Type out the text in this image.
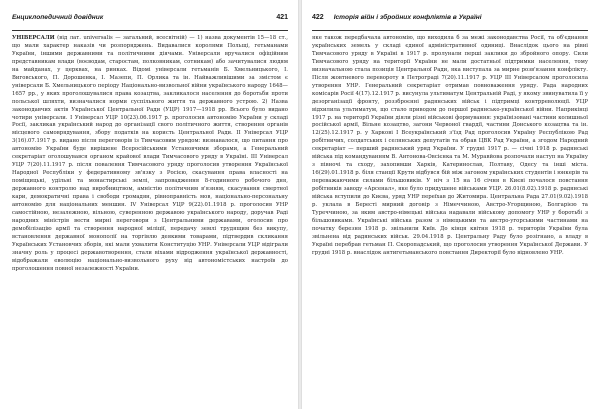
Енциклопедичний довідник	421

УНІВЕРСАЛИ (від лат. universalis — загальний, всесвітній) — 1) назва документів 15—18 ст., що мали характер наказів чи розпоряджень. Видавалися королями Польщі, гетьманами України, іншими державними та політичними діячами. Універсали вручалися офіційним представникам влади (воєводам, старостам, полковникам, сотникам) або зачитувалися людям на майданах, у церквах, на ринках. Відомі універсали гетьманів Б. Хмельницького, І. Виговського, П. Дорошенка, І. Мазепи, П. Орлика та ін. Найважливішими за змістом є універсали Б. Хмельницького періоду Національно-визвольної війни українського народу 1648—1657 рр., у яких проголошувалися права козацтва, закликалося населення до боротьби проти польської шляхти, визначалися норми суспільного життя та державного устрою. 2) Назва законодавчих актів Української Центральної Ради (УЦР) 1917—1918 рр. Всього було видано чотири універсали. I Універсал УЦР 10(23).06.1917 р. проголосив автономію України у складі Росії, закликав український народ до організації свого політичного життя, створення органів місцевого самоврядування, збору податків на користь Центральної Ради. II Універсал УЦР 3(16).07.1917 р. видано після переговорів із Тимчасовим урядом: визнавалося, що питання про автономію України буде вирішене Всеросійськими Установчими зборами, а Генеральний секретаріат оголошувався органом крайової влади Тимчасового уряду в Україні. III Універсал УЦР 7(20).11.1917 р. після повалення Тимчасового уряду проголосив утворення Української Народної Республіки у федеративному зв'язку з Росією, скасування права власності на поміщицькі, удільні та монастирські землі, запровадження 8-годинного робочого дня, державного контролю над виробництвом, амністію політичним в'язням, скасування смертної кари, демократичні права і свободи громадян, рівноправність мов, національно-персональну автономію для національних меншин. IV Універсал УЦР 9(22).01.1918 р. проголосив УНР самостійною, незалежною, вільною, суверенною державою українського народу, доручав Раді народних міністрів вести мирні переговори з Центральними державами, оголосив про демобілізацію армії та створення народної міліції, передачу землі трудящим без викупу, встановлення державної монополії на торгівлю деякими товарами, підтвердив скликання Українських Установчих зборів, які мали ухвалити Конституцію УНР. Універсали УЦР відіграли значну роль у процесі державотворення, стали віхами відродження української державності, відображали еволюцію національно-визвольного руху від автономістських настроїв до проголошення повної незалежності України.

422 Історія війн і збройних конфліктів в Україні

яке також передбачала автономію, що виходила б за межі законодавства Росії, та об'єднання українських земель у складі єдиної адміністративної одиниці. Внаслідок цього на рівні Тимчасового уряду в Україні в 1917 р. пролунали перші заклики до збройного опору. Сили Тимчасового уряду на території України не мали достатньої підтримки населення, тому визначальною стала позиція Центральної Ради, яка виступала за мирне розв'язання конфлікту. Після жовтневого перевороту в Петрограді 7(20).11.1917 р. УЦР ІІІ Універсалом проголосила утворення УНР. Генеральний секретаріат отримав повноваження уряду. Рада народних комісарів Росії 4(17).12.1917 р. висунула ультиматум Центральній Раді, у якому звинуватила її у дезорганізації фронту, роззброєнні радянських військ і підтримці контрреволюції. УЦР відхилила ультиматум, що стало приводом до першої радянсько-української війни. Наприкінці 1917 р. на території України діяли різні військові формування: українізовані частини колишньої російської армії, Вільне козацтво, загони Червоної гвардії, частини Донського козацтва та ін. 12(25).12.1917 р. у Харкові І Всеукраїнський з'їзд Рад проголосив Україну Республікою Рад робітничих, солдатських і селянських депутатів та обрав ЦВК Рад України, а згодом Народний секретаріат — перший радянський уряд України. У грудні 1917 р. — січні 1918 р. радянські війська під командуванням В. Антонова-Овсієнка та М. Муравйова розпочали наступ на Україну з півночі та сходу, захопивши Харків, Катеринослав, Полтаву, Одесу та інші міста. 16(29).01.1918 р. біля станції Крути відбувся бій між загоном українських студентів і юнкерів та переважаючими силами більшовиків. У ніч з 15 на 16 січня в Києві почалося повстання робітників заводу «Арсенал», яке було придушене військами УЦР. 26.01(8.02).1918 р. радянські війська вступили до Києва, уряд УНР переїхав до Житомира. Центральна Рада 27.01(9.02).1918 р. уклала в Бересті мирний договір з Німеччиною, Австро-Угорщиною, Болгарією та Туреччиною, за яким австро-німецькі війська надавали військову допомогу УНР у боротьбі з більшовиками. Українські війська разом з німецькими та австро-угорськими частинами на початку березня 1918 р. звільнили Київ. До кінця квітня 1918 р. територія України була звільнена від радянських військ. 29.04.1918 р. Центральну Раду було розігнано, а владу в Україні перебрав гетьман П. Скоропадський, що проголосив утворення Української Держави. У грудні 1918 р. внаслідок антигетьманського повстання Директорії було відновлено УНР.
